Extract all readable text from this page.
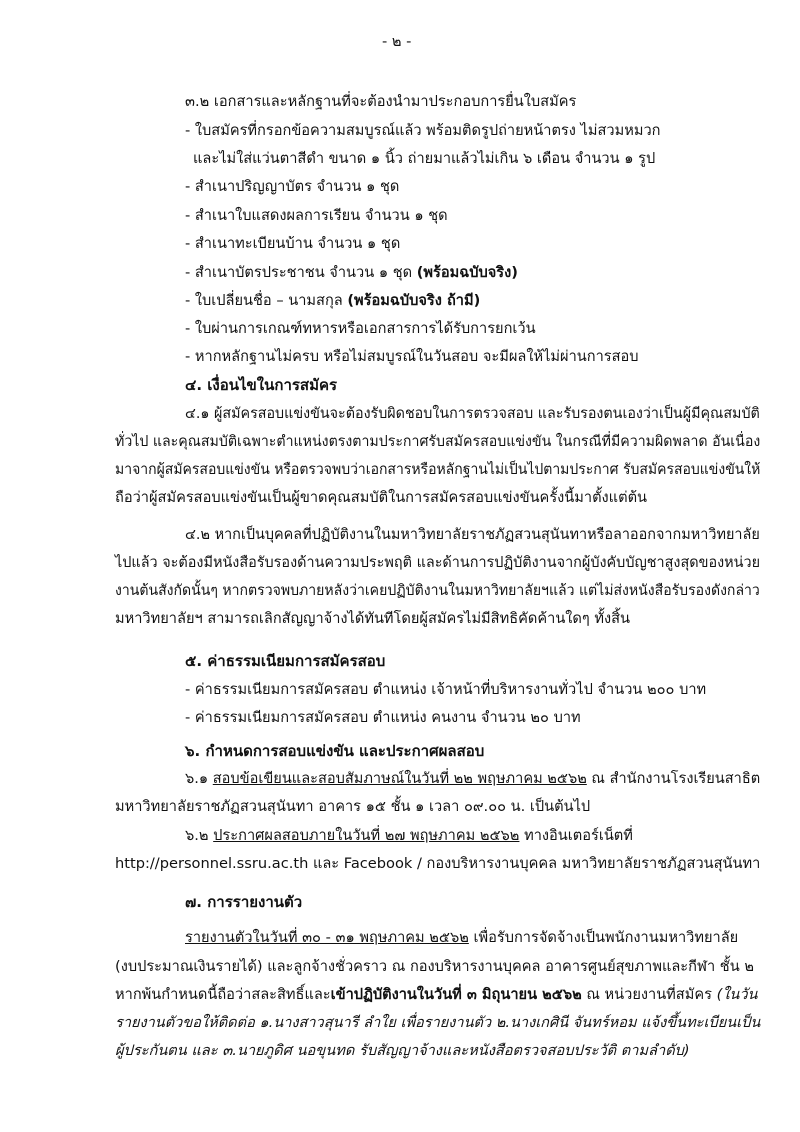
- ๒ -
๓.๒ เอกสารและหลักฐานที่จะต้องนำมาประกอบการยื่นใบสมัคร
- ใบสมัครที่กรอกข้อความสมบูรณ์แล้ว พร้อมติดรูปถ่ายหน้าตรง ไม่สวมหมวก
และไม่ใส่แว่นตาสีดำ ขนาด ๑ นิ้ว ถ่ายมาแล้วไม่เกิน ๖ เดือน จำนวน ๑ รูป
- สำเนาปริญญาบัตร จำนวน ๑ ชุด
- สำเนาใบแสดงผลการเรียน จำนวน ๑ ชุด
- สำเนาทะเบียนบ้าน จำนวน ๑ ชุด
- สำเนาบัตรประชาชน จำนวน ๑ ชุด (พร้อมฉบับจริง)
- ใบเปลี่ยนชื่อ – นามสกุล (พร้อมฉบับจริง ถ้ามี)
- ใบผ่านการเกณฑ์ทหารหรือเอกสารการได้รับการยกเว้น
- หากหลักฐานไม่ครบ หรือไม่สมบูรณ์ในวันสอบ จะมีผลให้ไม่ผ่านการสอบ
๔. เงื่อนไขในการสมัคร
๔.๑ ผู้สมัครสอบแข่งขันจะต้องรับผิดชอบในการตรวจสอบ และรับรองตนเองว่าเป็นผู้มีคุณสมบัติ
ทั่วไป และคุณสมบัติเฉพาะตำแหน่งตรงตามประกาศรับสมัครสอบแข่งขัน ในกรณีที่มีความผิดพลาด อันเนื่อง
มาจากผู้สมัครสอบแข่งขัน หรือตรวจพบว่าเอกสารหรือหลักฐานไม่เป็นไปตามประกาศ รับสมัครสอบแข่งขันให้
ถือว่าผู้สมัครสอบแข่งขันเป็นผู้ขาดคุณสมบัติในการสมัครสอบแข่งขันครั้งนี้มาตั้งแต่ต้น
๔.๒ หากเป็นบุคคลที่ปฏิบัติงานในมหาวิทยาลัยราชภัฏสวนสุนันทาหรือลาออกจากมหาวิทยาลัย
ไปแล้ว จะต้องมีหนังสือรับรองด้านความประพฤติ และด้านการปฏิบัติงานจากผู้บังคับบัญชาสูงสุดของหน่วย
งานต้นสังกัดนั้นๆ หากตรวจพบภายหลังว่าเคยปฏิบัติงานในมหาวิทยาลัยฯแล้ว แต่ไม่ส่งหนังสือรับรองดังกล่าว
มหาวิทยาลัยฯ สามารถเลิกสัญญาจ้างได้ทันทีโดยผู้สมัครไม่มีสิทธิคัดค้านใดๆ ทั้งสิ้น
๕. ค่าธรรมเนียมการสมัครสอบ
- ค่าธรรมเนียมการสมัครสอบ ตำแหน่ง เจ้าหน้าที่บริหารงานทั่วไป จำนวน ๒๐๐ บาท
- ค่าธรรมเนียมการสมัครสอบ ตำแหน่ง คนงาน จำนวน ๒๐ บาท
๖. กำหนดการสอบแข่งขัน และประกาศผลสอบ
๖.๑ สอบข้อเขียนและสอบสัมภาษณ์ในวันที่ ๒๒ พฤษภาคม ๒๕๖๒ ณ สำนักงานโรงเรียนสาธิต
มหาวิทยาลัยราชภัฏสวนสุนันทา อาคาร ๑๕ ชั้น ๑ เวลา ๐๙.๐๐ น. เป็นต้นไป
๖.๒ ประกาศผลสอบภายในวันที่ ๒๗ พฤษภาคม ๒๕๖๒ ทางอินเตอร์เน็ตที่
http://personnel.ssru.ac.th และ Facebook / กองบริหารงานบุคคล มหาวิทยาลัยราชภัฏสวนสุนันทา
๗. การรายงานตัว
รายงานตัวในวันที่ ๓๐ - ๓๑ พฤษภาคม ๒๕๖๒ เพื่อรับการจัดจ้างเป็นพนักงานมหาวิทยาลัย
(งบประมาณเงินรายได้) และลูกจ้างชั่วคราว ณ กองบริหารงานบุคคล อาคารศูนย์สุขภาพและกีฬา ชั้น ๒
หากพ้นกำหนดนี้ถือว่าสละสิทธิ์และเข้าปฏิบัติงานในวันที่ ๓ มิถุนายน ๒๕๖๒ ณ หน่วยงานที่สมัคร (ในวัน
รายงานตัวขอให้ติดต่อ ๑.นางสาวสุนารี ลำใย เพื่อรายงานตัว ๒.นางเกศินี จันทร์หอม แจ้งขึ้นทะเบียนเป็น
ผู้ประกันตน และ ๓.นายภูดิศ นอขุนทด รับสัญญาจ้างและหนังสือตรวจสอบประวัติ ตามลำดับ)
